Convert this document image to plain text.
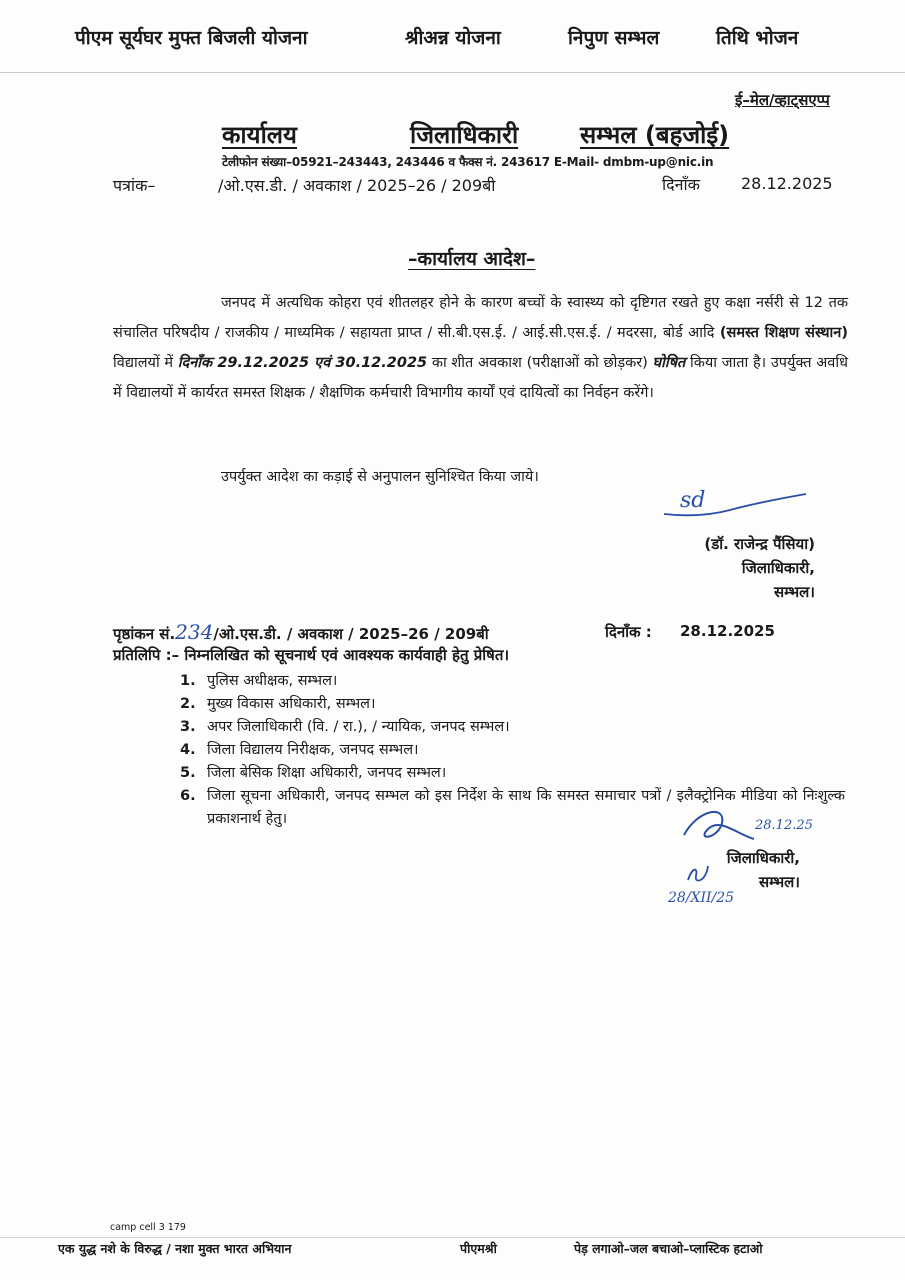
पीएम सूर्यघर मुफ्त बिजली योजना	श्रीअन्न योजना	निपुण सम्भल	तिथि भोजन
ई–मेल/व्हाट्सएप्प
कार्यालय	जिलाधिकारी	सम्भल (बहजोई)
टेलीफोन संख्या–05921–243443, 243446 व फैक्स नं. 243617 E-Mail- dmbm-up@nic.in
पत्रांक–	/ओ.एस.डी. / अवकाश / 2025–26 / 209बी	दिनाँक	28.12.2025
–कार्यालय आदेश–
जनपद में अत्यधिक कोहरा एवं शीतलहर होने के कारण बच्चों के स्वास्थ्य को दृष्टिगत रखते हुए कक्षा नर्सरी से 12 तक संचालित परिषदीय / राजकीय / माध्यमिक / सहायता प्राप्त / सी.बी.एस.ई. / आई.सी.एस.ई. / मदरसा, बोर्ड आदि (समस्त शिक्षण संस्थान) विद्यालयों में दिनाँक 29.12.2025 एवं 30.12.2025 का शीत अवकाश (परीक्षाओं को छोड़कर) घोषित किया जाता है। उपर्युक्त अवधि में विद्यालयों में कार्यरत समस्त शिक्षक / शैक्षणिक कर्मचारी विभागीय कार्यों एवं दायित्वों का निर्वहन करेंगे।
उपर्युक्त आदेश का कड़ाई से अनुपालन सुनिश्चित किया जाये।
sd
(डॉ. राजेन्द्र पैंसिया)
जिलाधिकारी,
सम्भल।
पृष्ठांकन सं.234/ओ.एस.डी. / अवकाश / 2025–26 / 209बी	दिनाँक : 28.12.2025
प्रतिलिपि :– निम्नलिखित को सूचनार्थ एवं आवश्यक कार्यवाही हेतु प्रेषित।
1. पुलिस अधीक्षक, सम्भल।
2. मुख्य विकास अधिकारी, सम्भल।
3. अपर जिलाधिकारी (वि. / रा.), / न्यायिक, जनपद सम्भल।
4. जिला विद्यालय निरीक्षक, जनपद सम्भल।
5. जिला बेसिक शिक्षा अधिकारी, जनपद सम्भल।
6. जिला सूचना अधिकारी, जनपद सम्भल को इस निर्देश के साथ कि समस्त समाचार पत्रों / इलैक्ट्रोनिक मीडिया को निःशुल्क प्रकाशनार्थ हेतु।	28.12.25
जिलाधिकारी,
सम्भल।
28/XII/25
camp cell 3 179
एक युद्ध नशे के विरुद्ध / नशा मुक्त भारत अभियान	पीएमश्री	पेड़ लगाओ–जल बचाओ–प्लास्टिक हटाओ
